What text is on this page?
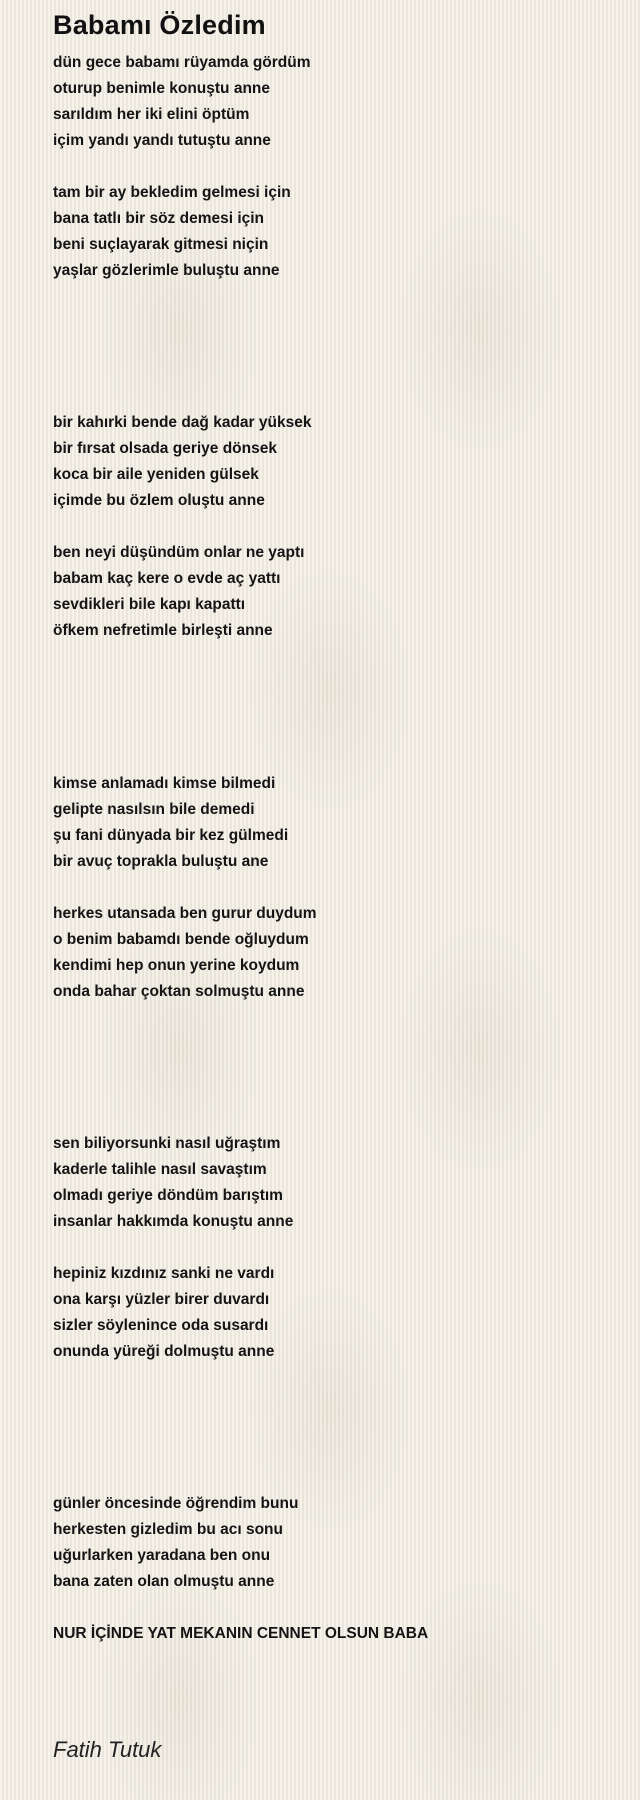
Babamı Özledim
dün gece babamı rüyamda gördüm
oturup benimle konuştu anne
sarıldım her iki elini öptüm
içim yandı yandı tutuştu anne
tam bir ay bekledim gelmesi için
bana tatlı bir söz demesi için
beni suçlayarak gitmesi niçin
yaşlar gözlerimle buluştu anne
bir kahırki bende dağ kadar yüksek
bir fırsat olsada geriye dönsek
koca bir aile yeniden gülsek
içimde bu özlem oluştu anne
ben neyi düşündüm onlar ne yaptı
babam kaç kere o evde aç yattı
sevdikleri bile kapı kapattı
öfkem nefretimle birleşti anne
kimse anlamadı kimse bilmedi
gelipte nasılsın bile demedi
şu fani dünyada bir kez gülmedi
bir avuç toprakla buluştu ane
herkes utansada ben gurur duydum
o benim babamdı bende oğluydum
kendimi hep onun yerine koydum
onda bahar çoktan solmuştu anne
sen biliyorsunki nasıl uğraştım
kaderle talihle nasıl savaştım
olmadı geriye döndüm barıştım
insanlar hakkımda konuştu anne
hepiniz kızdınız sanki ne vardı
ona karşı yüzler birer duvardı
sizler söylenince oda susardı
onunda yüreği dolmuştu anne
günler öncesinde öğrendim bunu
herkesten gizledim bu acı sonu
uğurlarken yaradana ben onu
bana zaten olan olmuştu anne
NUR İÇİNDE YAT MEKANIN CENNET OLSUN BABA
Fatih Tutuk
